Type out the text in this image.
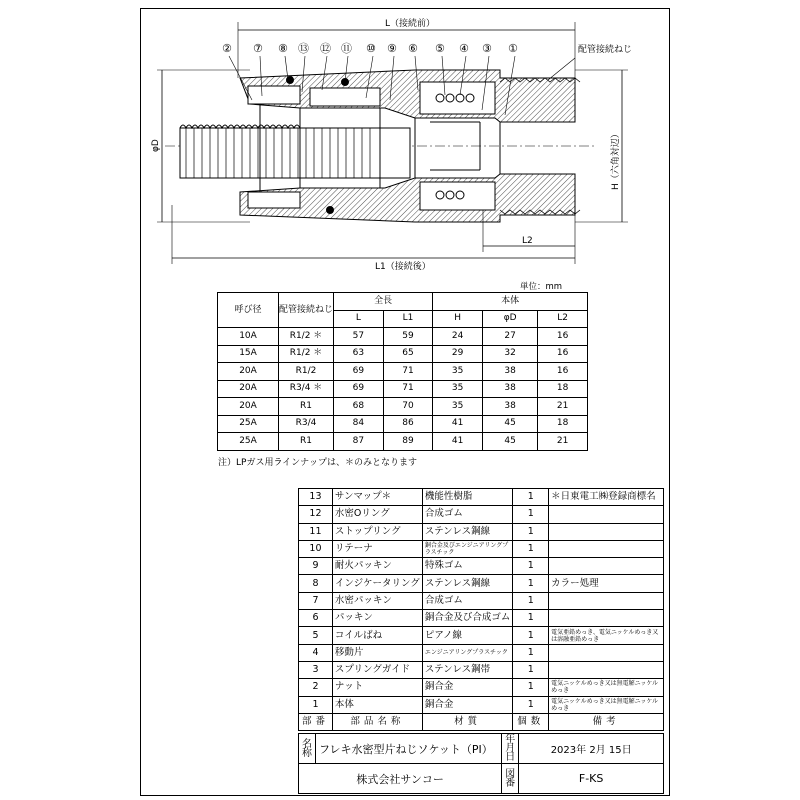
② ⑦ ⑧ ⑬ ⑫ ⑪ ⑩ ⑨ ⑥ ⑤ ④ ③ ①
L（接続前）
L1（接続後）
L2
配管接続ねじ
φD	H（六角対辺）
単位：mm
呼び径	配管接続ねじ	全長		本体		
		L	L1	H	φD	L2
10A	R1/2 ＊	57	59	24	27	16
15A	R1/2 ＊	63	65	29	32	16
20A	R1/2	69	71	35	38	16
20A	R3/4 ＊	69	71	35	38	18
20A	R1	68	70	35	38	21
25A	R3/4	84	86	41	45	18
25A	R1	87	89	41	45	21
注）LPガス用ラインナップは、＊のみとなります
13	サンマップ＊	機能性樹脂	1	＊日東電工㈱登録商標名
12	水密Oリング	合成ゴム	1	
11	ストップリング	ステンレス鋼線	1	
10	リテーナ	銅合金及びエンジニアリングプラスチック	1	
9	耐火パッキン	特殊ゴム	1	
8	インジケータリング	ステンレス鋼線	1	カラー処理
7	水密パッキン	合成ゴム	1	
6	パッキン	銅合金及び合成ゴム	1	
5	コイルばね	ピアノ線	1	電気亜鉛めっき、電気ニッケルめっき又は溶融亜鉛めっき
4	移動片	エンジニアリングプラスチック	1	
3	スプリングガイド	ステンレス鋼帯	1	
2	ナット	銅合金	1	電気ニッケルめっき又は無電解ニッケルめっき
1	本体	銅合金	1	電気ニッケルめっき又は無電解ニッケルめっき
部番	部品名称	材質	個数	備考
名称	フレキ水密型片ねじソケット（PI）	年月日	2023年 2月 15日
株式会社サンコー		図番	F-KS
